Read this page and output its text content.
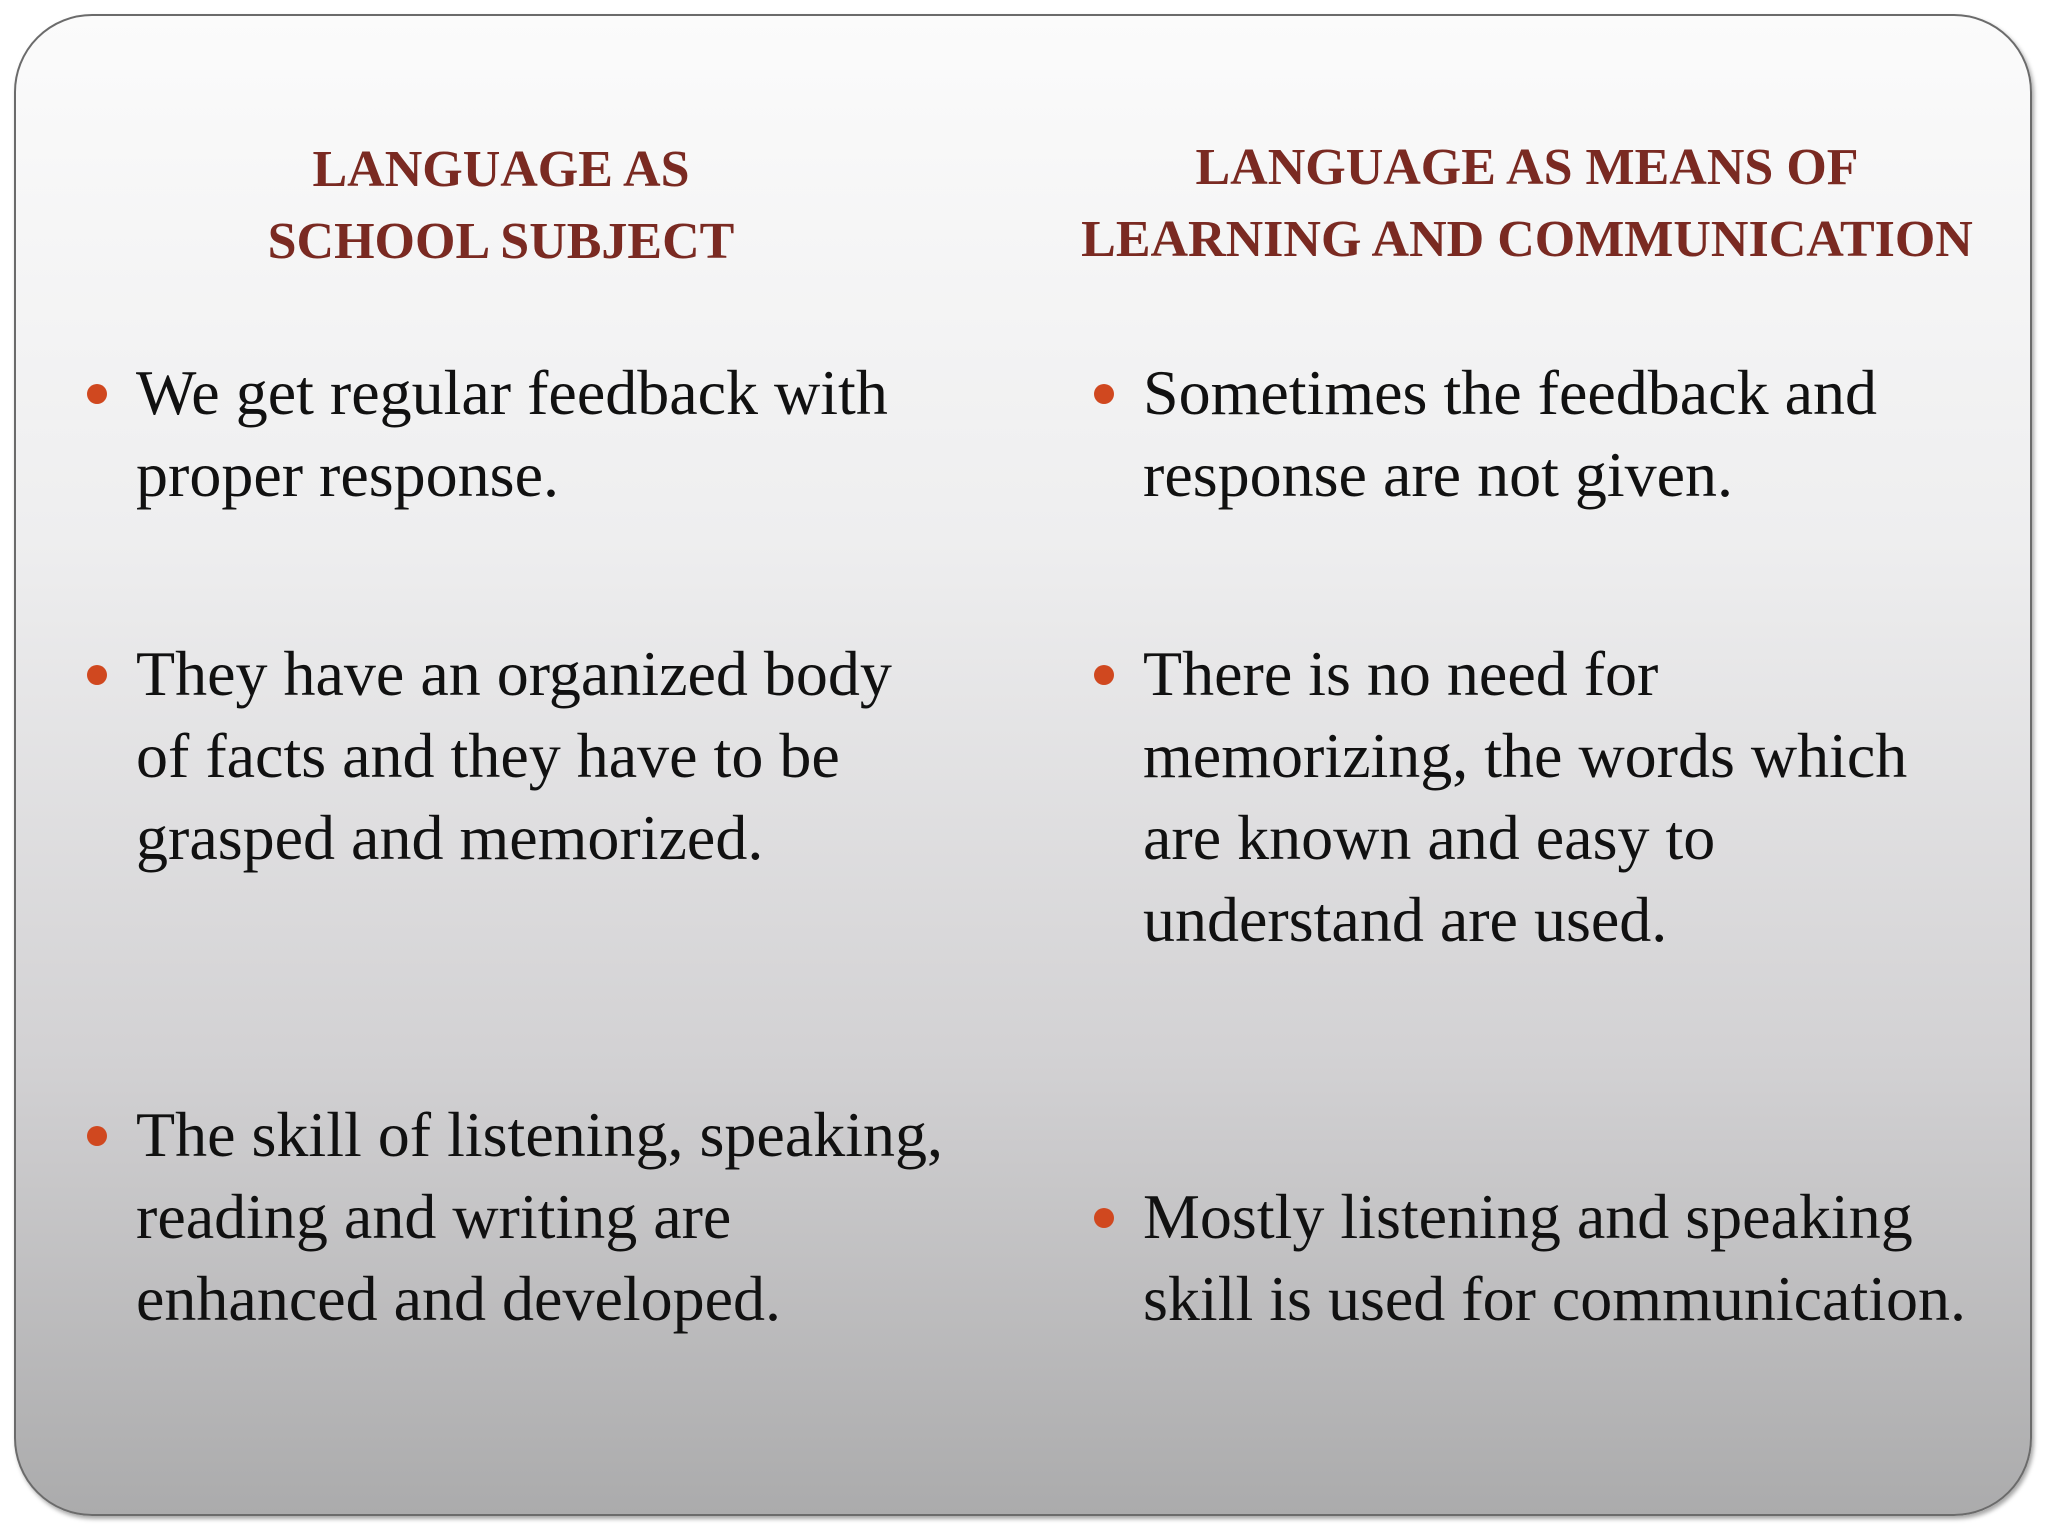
LANGUAGE AS
SCHOOL SUBJECT
LANGUAGE AS MEANS OF
LEARNING AND COMMUNICATION
We get regular feedback with
proper response.
They have an organized body
of facts and they have to be
grasped and memorized.
The skill of listening, speaking,
reading and writing are
enhanced and developed.
Sometimes the feedback and
response are not given.
There is no need for
memorizing, the words which
are known and easy to
understand are used.
Mostly listening and speaking
skill is used for communication.
